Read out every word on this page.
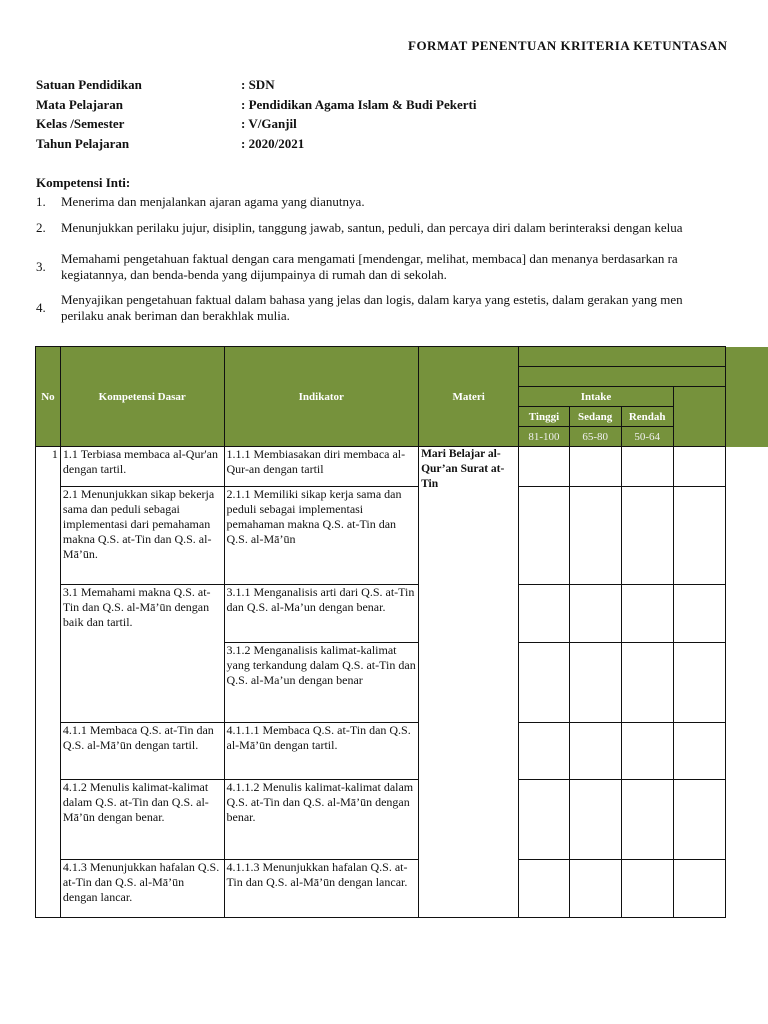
FORMAT PENENTUAN KRITERIA KETUNTASAN
Satuan Pendidikan	: SDN
Mata Pelajaran	: Pendidikan Agama Islam & Budi Pekerti
Kelas /Semester	: V/Ganjil
Tahun Pelajaran	: 2020/2021
Kompetensi Inti:
1.	Menerima dan menjalankan ajaran agama yang dianutnya.
2.	Menunjukkan perilaku jujur, disiplin, tanggung jawab, santun, peduli, dan percaya diri dalam berinteraksi dengan kelua
3.
Memahami pengetahuan faktual dengan cara mengamati [mendengar, melihat, membaca] dan menanya berdasarkan ra
kegiatannya, dan benda-benda yang dijumpainya di rumah dan di sekolah.
4.
Menyajikan pengetahuan faktual dalam bahasa yang jelas dan logis, dalam karya yang estetis, dalam gerakan yang men
perilaku anak beriman dan berakhlak mulia.
No	Kompetensi Dasar	Indikator	Materi				

				Intake			
				Tinggi	Sedang	Rendah	
				81-100	65-80	50-64	
1	1.1 Terbiasa membaca al-Qur'an dengan tartil.	1.1.1 Membiasakan diri membaca al-Qur-an dengan tartil	Mari Belajar al-Qur’an Surat at-Tin				
	2.1 Menunjukkan sikap bekerja sama dan peduli sebagai implementasi dari pemahaman makna Q.S. at-Tin dan Q.S. al-Mā’ūn.	2.1.1 Memiliki sikap kerja sama dan peduli sebagai implementasi pemahaman makna Q.S. at-Tin dan Q.S. al-Mā’ūn					
	3.1 Memahami makna Q.S. at-Tin dan Q.S. al-Mā’ūn dengan baik dan tartil.	3.1.1 Menganalisis arti dari Q.S. at-Tin dan Q.S. al-Ma’un dengan benar.					
		3.1.2 Menganalisis kalimat-kalimat yang terkandung dalam Q.S. at-Tin dan Q.S. al-Ma’un dengan benar					
	4.1.1 Membaca Q.S. at-Tin dan Q.S. al-Mā’ūn dengan tartil.	4.1.1.1 Membaca Q.S. at-Tin dan Q.S. al-Mā’ūn dengan tartil.					
	4.1.2 Menulis kalimat-kalimat dalam Q.S. at-Tin dan Q.S. al-Mā’ūn dengan benar.	4.1.1.2 Menulis kalimat-kalimat dalam Q.S. at-Tin dan Q.S. al-Mā’ūn dengan benar.					
	4.1.3 Menunjukkan hafalan Q.S. at-Tin dan Q.S. al-Mā’ūn dengan lancar.	4.1.1.3 Menunjukkan hafalan Q.S. at-Tin dan Q.S. al-Mā’ūn dengan lancar.					
